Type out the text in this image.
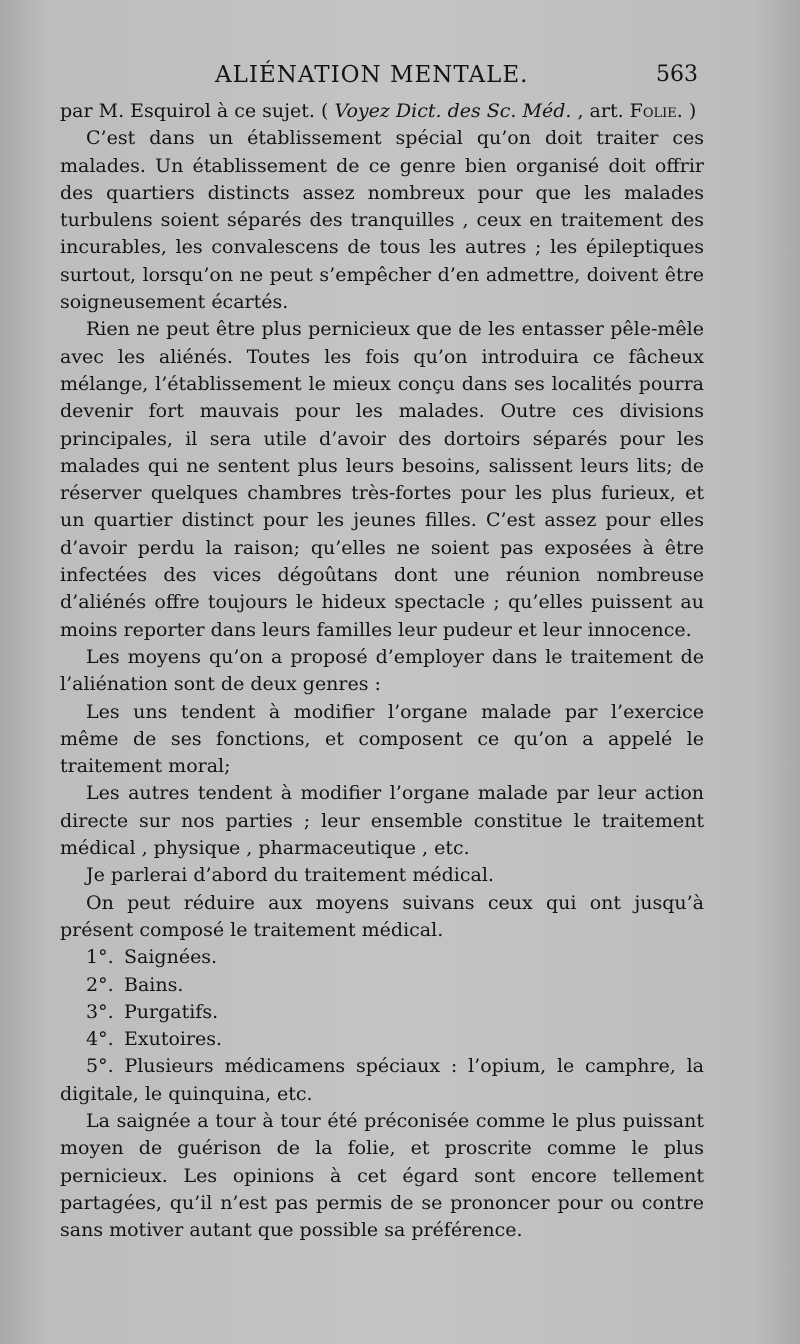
ALIÉNATION MENTALE.	563

par M. Esquirol à ce sujet. ( Voyez Dict. des Sc. Méd. , art. Folie. )

C’est dans un établissement spécial qu’on doit traiter ces malades. Un établissement de ce genre bien organisé doit offrir des quartiers distincts assez nombreux pour que les malades turbulens soient séparés des tranquilles , ceux en traitement des incurables, les convalescens de tous les autres ; les épileptiques surtout, lorsqu’on ne peut s’empêcher d’en admettre, doivent être soigneusement écartés.

Rien ne peut être plus pernicieux que de les entasser pêle-mêle avec les aliénés. Toutes les fois qu’on introduira ce fâcheux mélange, l’établissement le mieux conçu dans ses localités pourra devenir fort mauvais pour les malades. Outre ces divisions principales, il sera utile d’avoir des dortoirs séparés pour les malades qui ne sentent plus leurs besoins, salissent leurs lits; de réserver quelques chambres très-fortes pour les plus furieux, et un quartier distinct pour les jeunes filles. C’est assez pour elles d’avoir perdu la raison; qu’elles ne soient pas exposées à être infectées des vices dégoûtans dont une réunion nombreuse d’aliénés offre toujours le hideux spectacle ; qu’elles puissent au moins reporter dans leurs familles leur pudeur et leur innocence.

Les moyens qu’on a proposé d’employer dans le traitement de l’aliénation sont de deux genres :

Les uns tendent à modifier l’organe malade par l’exercice même de ses fonctions, et composent ce qu’on a appelé le traitement moral;

Les autres tendent à modifier l’organe malade par leur action directe sur nos parties ; leur ensemble constitue le traitement médical , physique , pharmaceutique , etc.

Je parlerai d’abord du traitement médical.

On peut réduire aux moyens suivans ceux qui ont jusqu’à présent composé le traitement médical.

1°. Saignées.

2°. Bains.

3°. Purgatifs.

4°. Exutoires.

5°. Plusieurs médicamens spéciaux : l’opium, le camphre, la digitale, le quinquina, etc.

La saignée a tour à tour été préconisée comme le plus puissant moyen de guérison de la folie, et proscrite comme le plus pernicieux. Les opinions à cet égard sont encore tellement partagées, qu’il n’est pas permis de se prononcer pour ou contre sans motiver autant que possible sa préférence.
